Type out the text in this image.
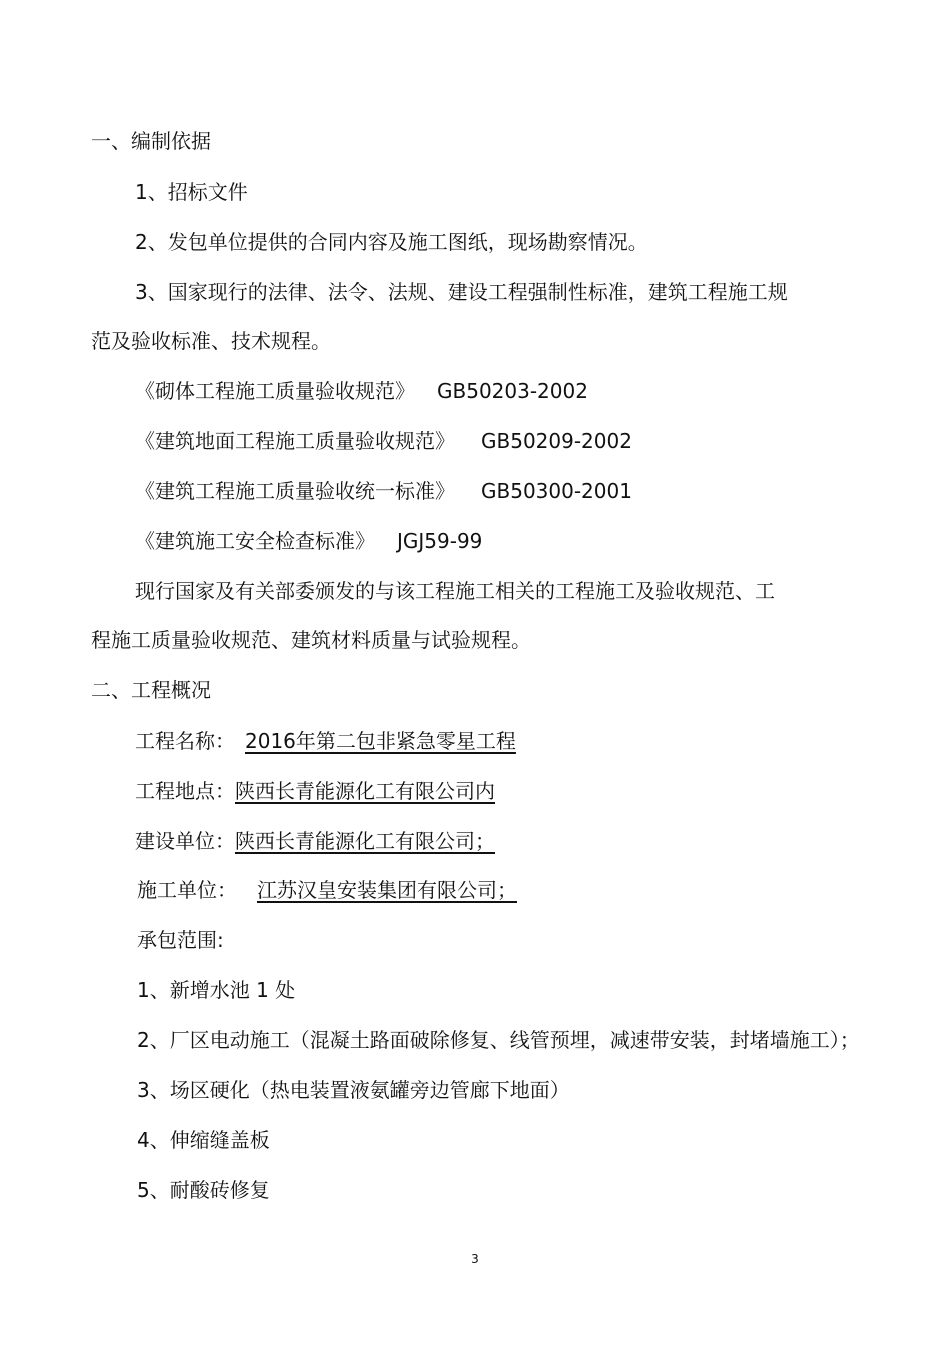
一、编制依据
1、招标文件
2、发包单位提供的合同内容及施工图纸，现场勘察情况。
3、国家现行的法律、法令、法规、建设工程强制性标准，建筑工程施工规
范及验收标准、技术规程。
《砌体工程施工质量验收规范》 GB50203-2002
《建筑地面工程施工质量验收规范》 GB50209-2002
《建筑工程施工质量验收统一标准》 GB50300-2001
《建筑施工安全检查标准》 JGJ59-99
现行国家及有关部委颁发的与该工程施工相关的工程施工及验收规范、工
程施工质量验收规范、建筑材料质量与试验规程。
二、工程概况
工程名称： 2016年第二包非紧急零星工程
工程地点：陕西长青能源化工有限公司内
建设单位：陕西长青能源化工有限公司；
施工单位： 江苏汉皇安装集团有限公司；
承包范围:
1、新增水池 1 处
2、厂区电动施工（混凝土路面破除修复、线管预埋，减速带安装，封堵墙施工）；
3、场区硬化（热电装置液氨罐旁边管廊下地面）
4、伸缩缝盖板
5、耐酸砖修复
3
